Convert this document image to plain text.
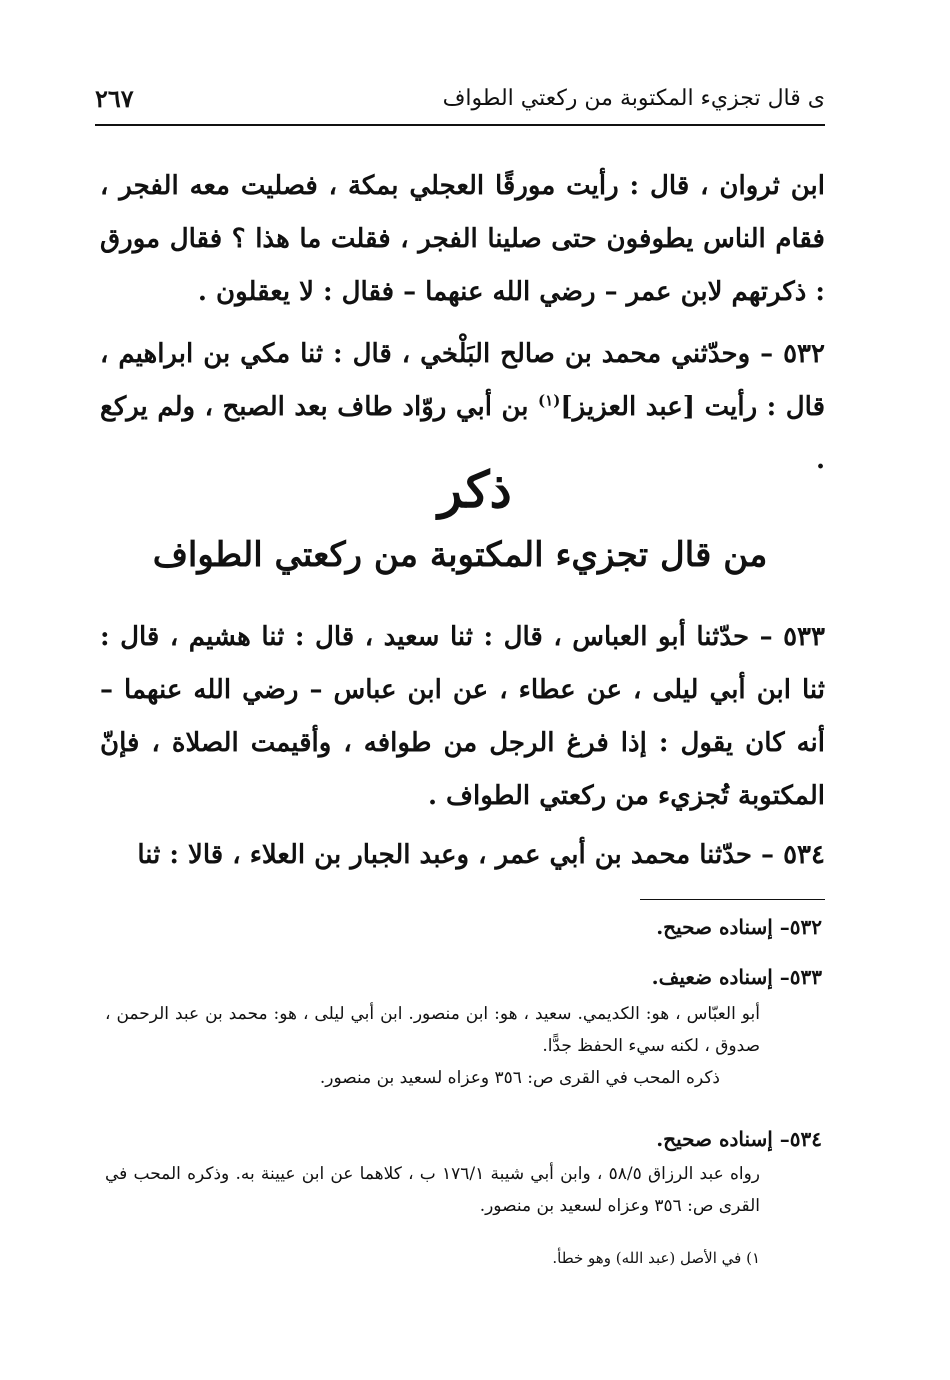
ى قال تجزيء المكتوبة من ركعتي الطواف
٢٦٧
ابن ثروان ، قال : رأيت مورقًا العجلي بمكة ، فصليت معه الفجر ، فقام الناس يطوفون حتى صلينا الفجر ، فقلت ما هذا ؟ فقال مورق : ذكرتهم لابن عمر – رضي الله عنهما – فقال : لا يعقلون .
٥٣٢ – وحدّثني محمد بن صالح البَلْخي ، قال : ثنا مكي بن ابراهيم ، قال : رأيت [عبد العزيز]$^{(١)}$ بن أبي روّاد طاف بعد الصبح ، ولم يركع .
ذكر
من قال تجزيء المكتوبة من ركعتي الطواف
٥٣٣ – حدّثنا أبو العباس ، قال : ثنا سعيد ، قال : ثنا هشيم ، قال : ثنا ابن أبي ليلى ، عن عطاء ، عن ابن عباس – رضي الله عنهما – أنه كان يقول : إذا فرغ الرجل من طوافه ، وأقيمت الصلاة ، فإنّ المكتوبة تُجزيء من ركعتي الطواف .
٥٣٤ – حدّثنا محمد بن أبي عمر ، وعبد الجبار بن العلاء ، قالا : ثنا
٥٣٢– إسناده صحيح.
٥٣٣– إسناده ضعيف.
أبو العبّاس ، هو: الكديمي. سعيد ، هو: ابن منصور. ابن أبي ليلى ، هو: محمد بن عبد الرحمن ، صدوق ، لكنه سيء الحفظ جدًّا.
ذكره المحب في القرى ص: ٣٥٦ وعزاه لسعيد بن منصور.
٥٣٤– إسناده صحيح.
رواه عبد الرزاق ٥٨/٥ ، وابن أبي شيبة ١٧٦/١ ب ، كلاهما عن ابن عيينة به. وذكره المحب في القرى ص: ٣٥٦ وعزاه لسعيد بن منصور.
١) في الأصل (عبد الله) وهو خطأ.
